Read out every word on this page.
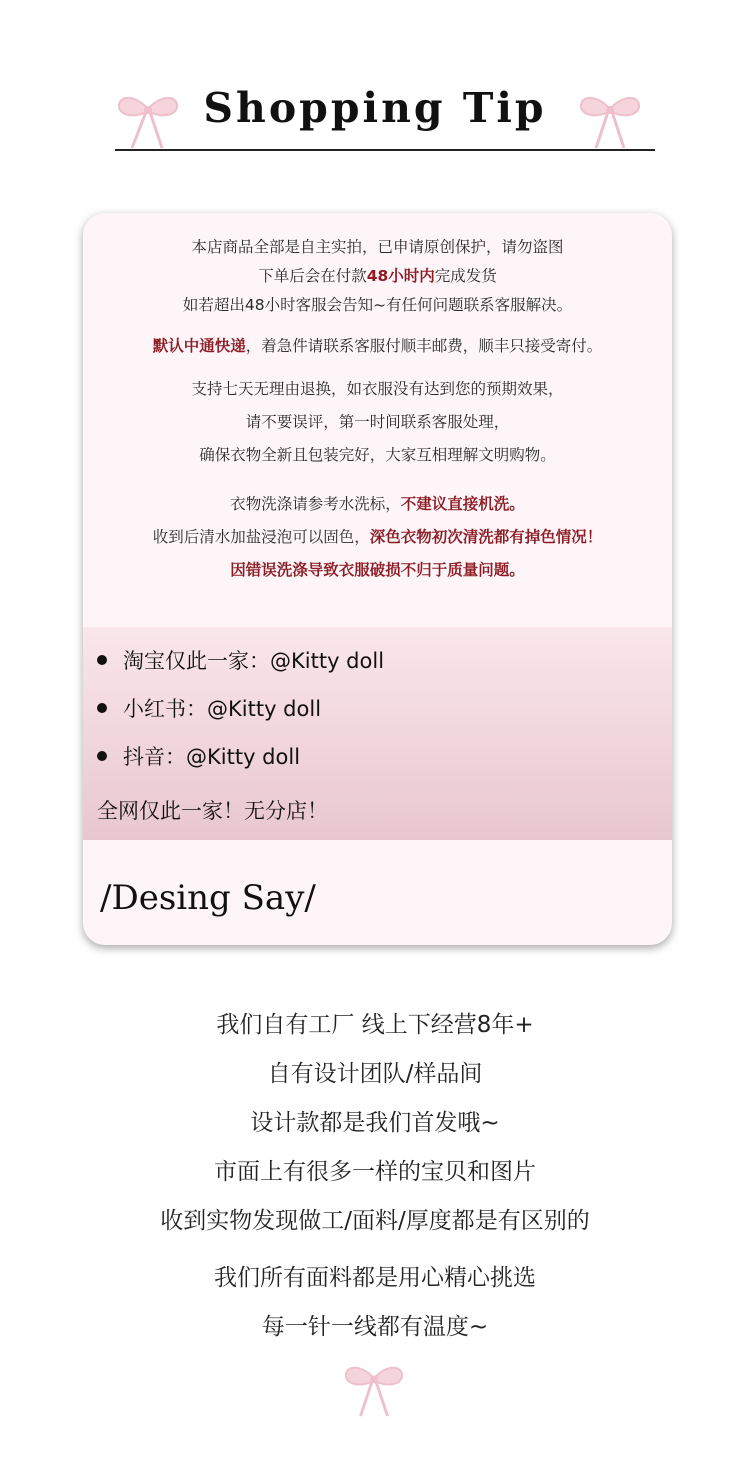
Shopping Tip
本店商品全部是自主实拍，已申请原创保护，请勿盗图
下单后会在付款48小时内完成发货
如若超出48小时客服会告知~有任何问题联系客服解决。
默认中通快递，着急件请联系客服付顺丰邮费，顺丰只接受寄付。
支持七天无理由退换，如衣服没有达到您的预期效果，
请不要误评，第一时间联系客服处理，
确保衣物全新且包装完好，大家互相理解文明购物。
衣物洗涤请参考水洗标，不建议直接机洗。
收到后清水加盐浸泡可以固色，深色衣物初次清洗都有掉色情况！
因错误洗涤导致衣服破损不归于质量问题。
淘宝仅此一家：@Kitty doll
小红书：@Kitty doll
抖音：@Kitty doll
全网仅此一家！无分店！
/Desing Say/
我们自有工厂 线上下经营8年+
自有设计团队/样品间
设计款都是我们首发哦~
市面上有很多一样的宝贝和图片
收到实物发现做工/面料/厚度都是有区别的
我们所有面料都是用心精心挑选
每一针一线都有温度~
